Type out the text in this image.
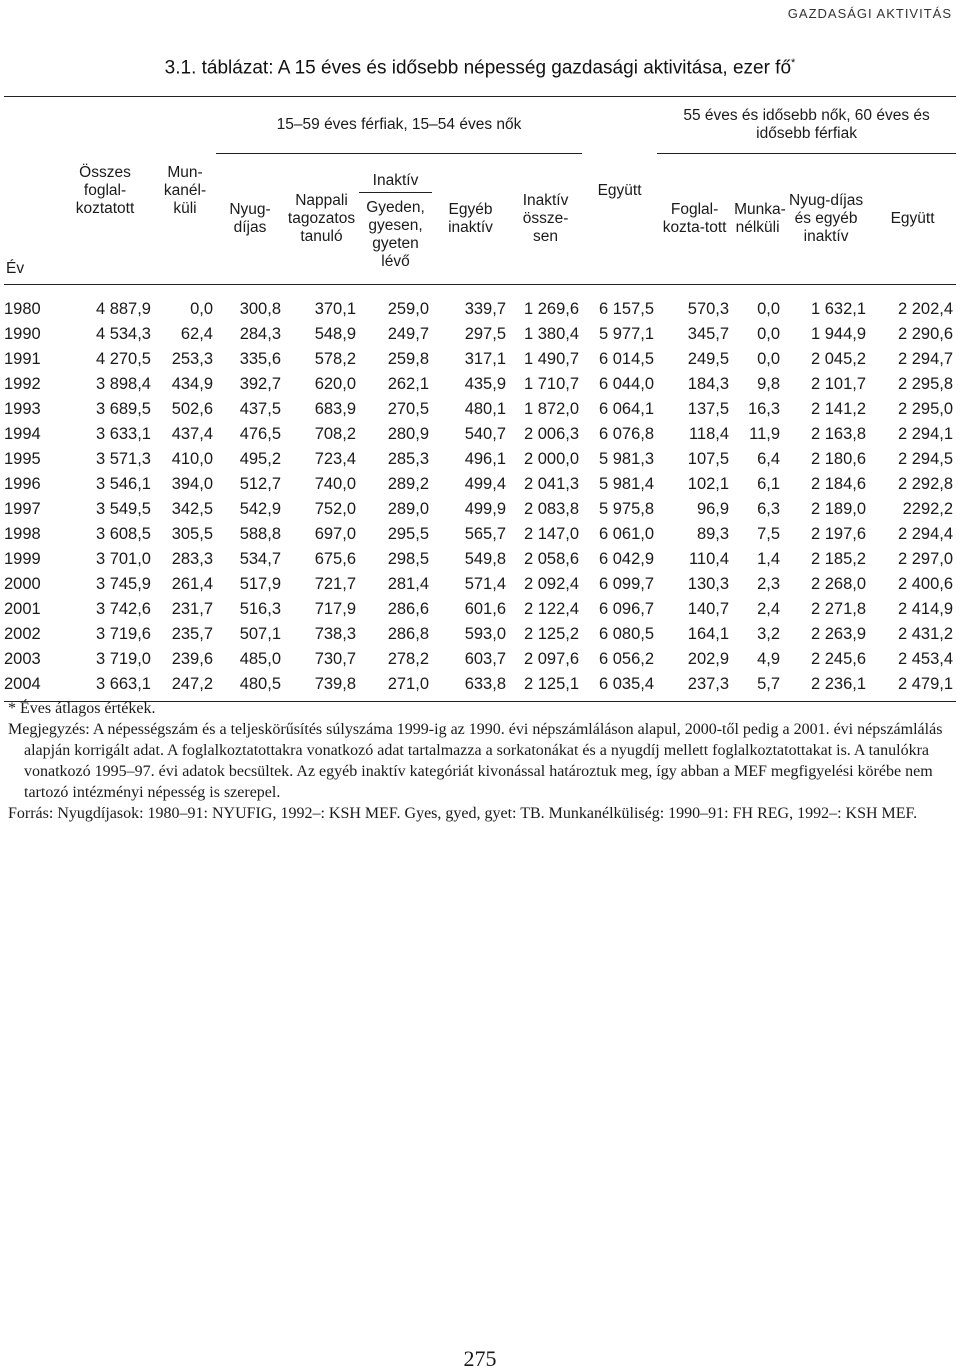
GAZDASÁGI AKTIVITÁS
3.1. táblázat: A 15 éves és idősebb népesség gazdasági aktivitása, ezer fő*
Év	Összes foglal-koztatott	Mun-kanél-küli	15–59 éves férfiak, 15–54 éves nők					Együtt	55 éves és idősebb nők, 60 éves és idősebb férfiak			
			Nyug-díjas	Nappali tagozatos tanuló	Inaktív
Gyeden, gyesen, gyeten lévő	Egyéb inaktív	Inaktív össze-sen		Foglal-kozta-tott	Munka-nélküli	Nyug-díjas és egyéb inaktív	Együtt
1980	4 887,9	0,0	300,8	370,1	259,0	339,7	1 269,6	6 157,5	570,3	0,0	1 632,1	2 202,4
1990	4 534,3	62,4	284,3	548,9	249,7	297,5	1 380,4	5 977,1	345,7	0,0	1 944,9	2 290,6
1991	4 270,5	253,3	335,6	578,2	259,8	317,1	1 490,7	6 014,5	249,5	0,0	2 045,2	2 294,7
1992	3 898,4	434,9	392,7	620,0	262,1	435,9	1 710,7	6 044,0	184,3	9,8	2 101,7	2 295,8
1993	3 689,5	502,6	437,5	683,9	270,5	480,1	1 872,0	6 064,1	137,5	16,3	2 141,2	2 295,0
1994	3 633,1	437,4	476,5	708,2	280,9	540,7	2 006,3	6 076,8	118,4	11,9	2 163,8	2 294,1
1995	3 571,3	410,0	495,2	723,4	285,3	496,1	2 000,0	5 981,3	107,5	6,4	2 180,6	2 294,5
1996	3 546,1	394,0	512,7	740,0	289,2	499,4	2 041,3	5 981,4	102,1	6,1	2 184,6	2 292,8
1997	3 549,5	342,5	542,9	752,0	289,0	499,9	2 083,8	5 975,8	96,9	6,3	2 189,0	2292,2
1998	3 608,5	305,5	588,8	697,0	295,5	565,7	2 147,0	6 061,0	89,3	7,5	2 197,6	2 294,4
1999	3 701,0	283,3	534,7	675,6	298,5	549,8	2 058,6	6 042,9	110,4	1,4	2 185,2	2 297,0
2000	3 745,9	261,4	517,9	721,7	281,4	571,4	2 092,4	6 099,7	130,3	2,3	2 268,0	2 400,6
2001	3 742,6	231,7	516,3	717,9	286,6	601,6	2 122,4	6 096,7	140,7	2,4	2 271,8	2 414,9
2002	3 719,6	235,7	507,1	738,3	286,8	593,0	2 125,2	6 080,5	164,1	3,2	2 263,9	2 431,2
2003	3 719,0	239,6	485,0	730,7	278,2	603,7	2 097,6	6 056,2	202,9	4,9	2 245,6	2 453,4
2004	3 663,1	247,2	480,5	739,8	271,0	633,8	2 125,1	6 035,4	237,3	5,7	2 236,1	2 479,1

* Éves átlagos értékek.

Megjegyzés: A népességszám és a teljeskörűsítés súlyszáma 1999-ig az 1990. évi népszámláláson alapul, 2000-től pedig a 2001. évi népszámlálás alapján korrigált adat. A foglalkoztatottakra vonatkozó adat tartalmazza a sorkatonákat és a nyugdíj mellett foglalkoztatottakat is. A tanulókra vonatkozó 1995–97. évi adatok becsültek. Az egyéb inaktív kategóriát kivonással határoztuk meg, így abban a MEF megfigyelési körébe nem tartozó intézményi népesség is szerepel.

Forrás: Nyugdíjasok: 1980–91: NYUFIG, 1992–: KSH MEF. Gyes, gyed, gyet: TB. Munkanélküliség: 1990–91: FH REG, 1992–: KSH MEF.

275
